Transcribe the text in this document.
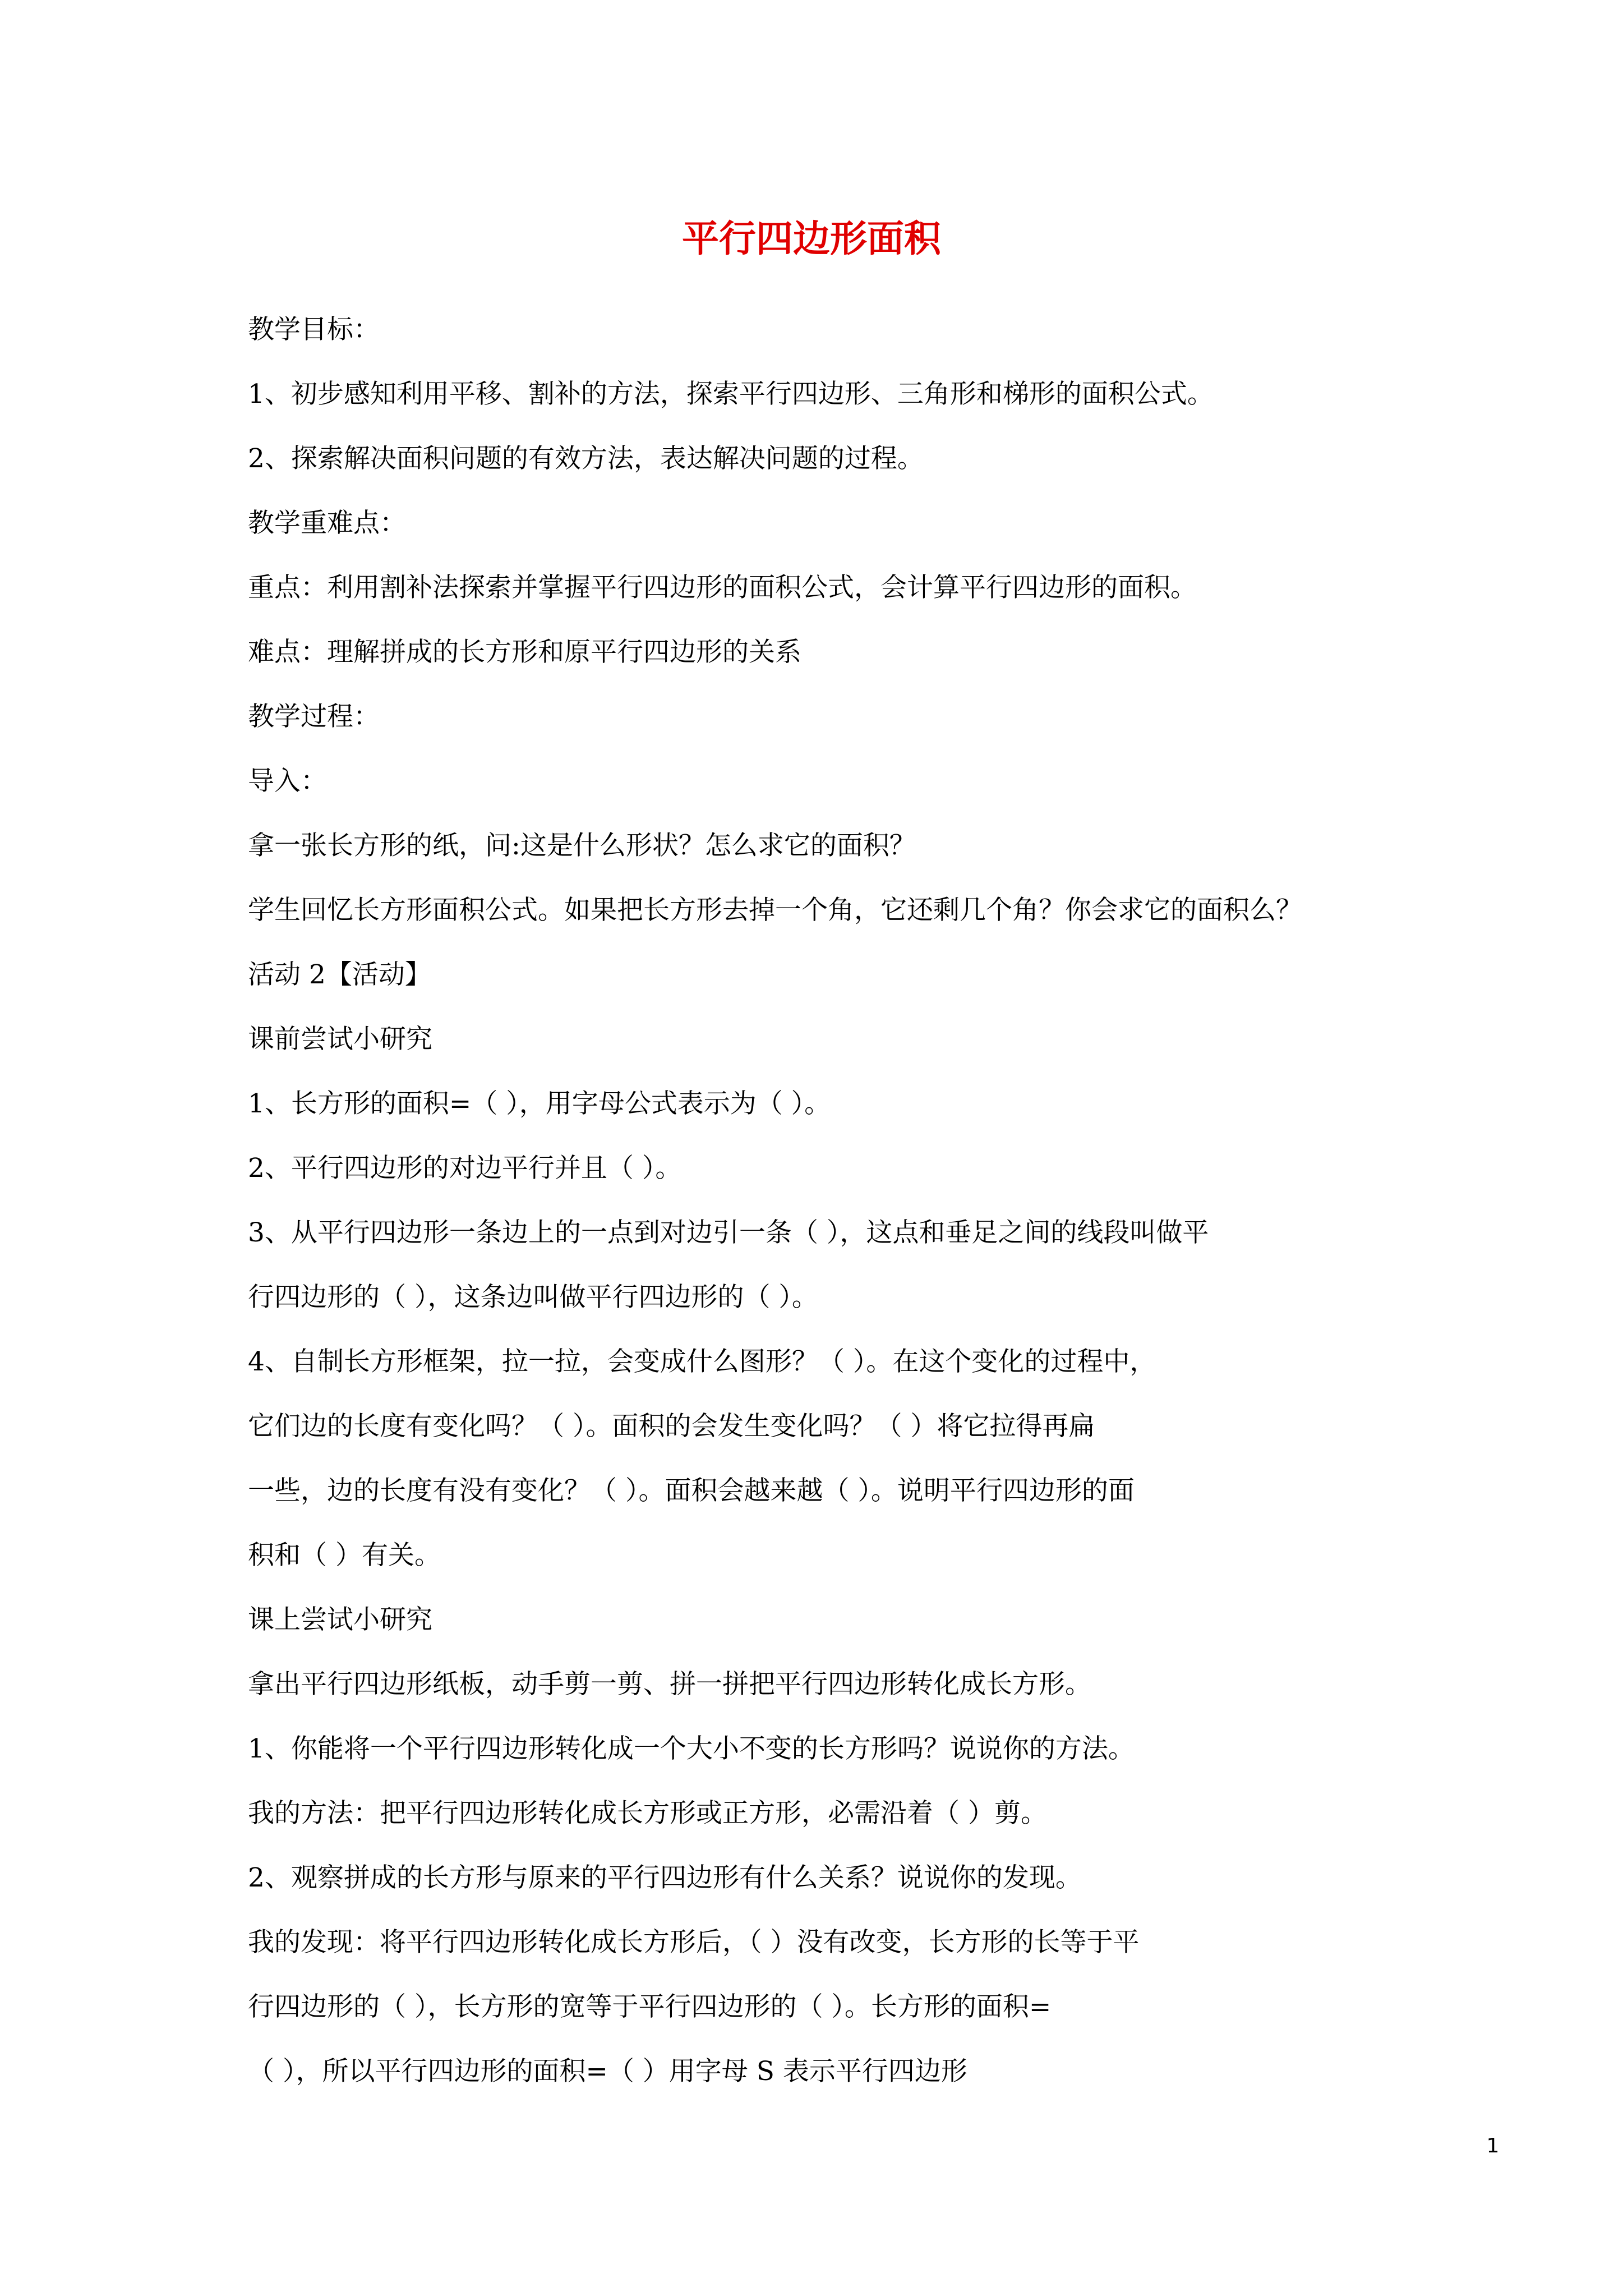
平行四边形面积
教学目标：
1、初步感知利用平移、割补的方法，探索平行四边形、三角形和梯形的面积公式。
2、探索解决面积问题的有效方法，表达解决问题的过程。
教学重难点：
重点：利用割补法探索并掌握平行四边形的面积公式，会计算平行四边形的面积。
难点：理解拼成的长方形和原平行四边形的关系
教学过程：
导入：
拿一张长方形的纸，问:这是什么形状？怎么求它的面积？
学生回忆长方形面积公式。如果把长方形去掉一个角，它还剩几个角？你会求它的面积么？
活动 2【活动】
课前尝试小研究
1、长方形的面积=（ ），用字母公式表示为（ ）。
2、平行四边形的对边平行并且（ ）。
3、从平行四边形一条边上的一点到对边引一条（ ），这点和垂足之间的线段叫做平
行四边形的（ ），这条边叫做平行四边形的（ ）。
4、自制长方形框架，拉一拉，会变成什么图形？（ ）。在这个变化的过程中，
它们边的长度有变化吗？（ ）。面积的会发生变化吗？（ ）将它拉得再扁
一些，边的长度有没有变化？（ ）。面积会越来越（ ）。说明平行四边形的面
积和（ ）有关。
课上尝试小研究
拿出平行四边形纸板，动手剪一剪、拼一拼把平行四边形转化成长方形。
1、你能将一个平行四边形转化成一个大小不变的长方形吗？说说你的方法。
我的方法：把平行四边形转化成长方形或正方形，必需沿着（ ）剪。
2、观察拼成的长方形与原来的平行四边形有什么关系？说说你的发现。
我的发现：将平行四边形转化成长方形后，（ ）没有改变，长方形的长等于平
行四边形的（ ），长方形的宽等于平行四边形的（ ）。长方形的面积=
（ ），所以平行四边形的面积=（ ）用字母 S 表示平行四边形
1
